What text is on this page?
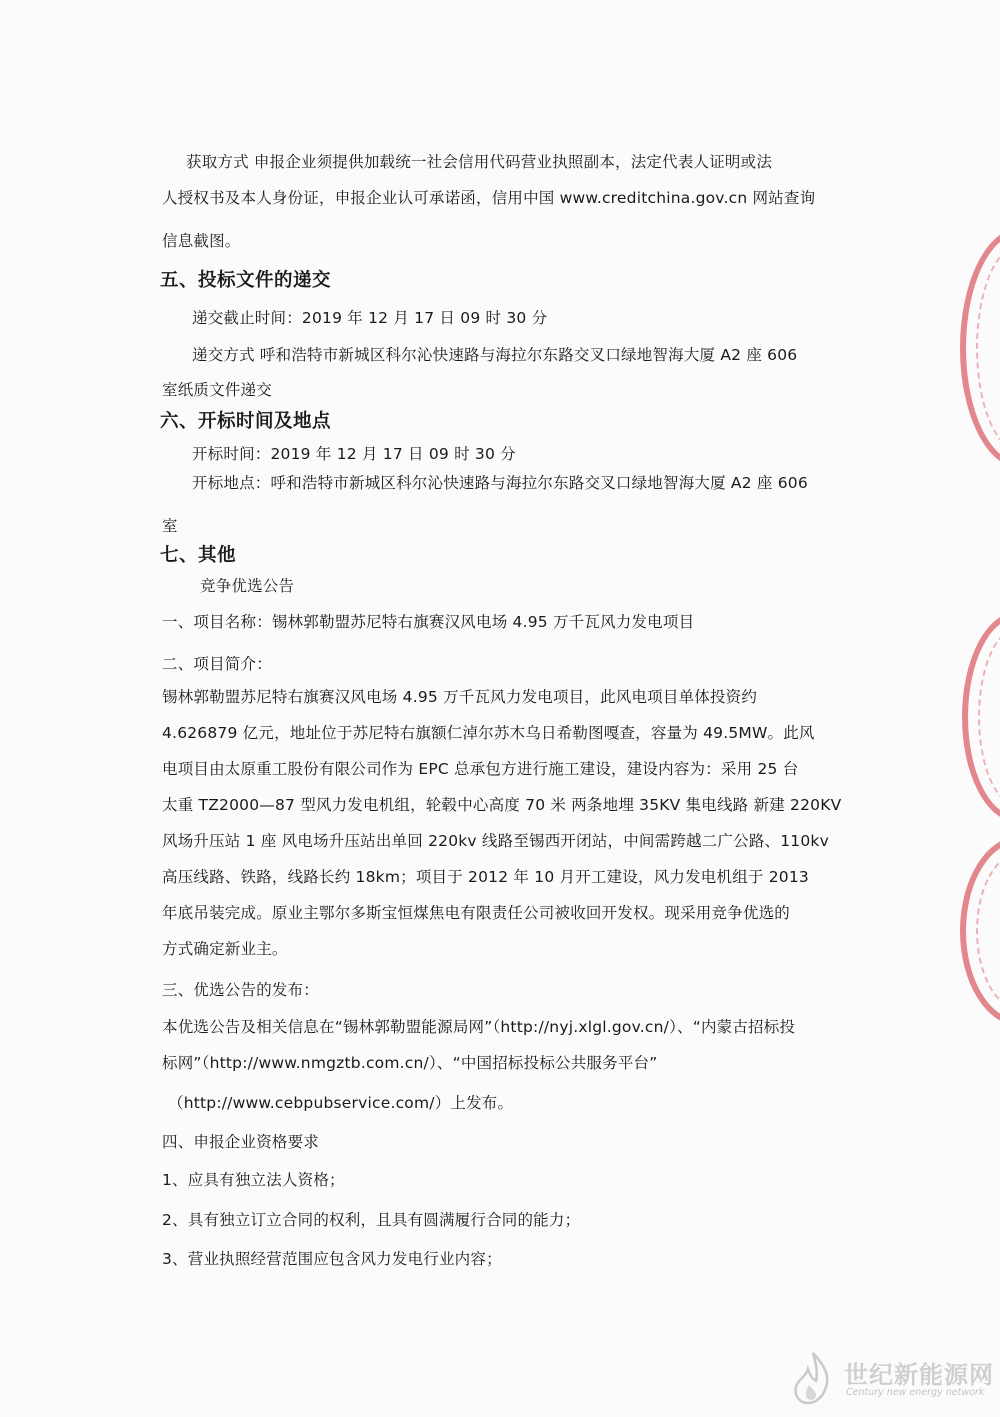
获取方式 申报企业须提供加载统一社会信用代码营业执照副本，法定代表人证明或法
人授权书及本人身份证，申报企业认可承诺函，信用中国 www.creditchina.gov.cn 网站查询
信息截图。
五、投标文件的递交
递交截止时间：2019 年 12 月 17 日 09 时 30 分
递交方式 呼和浩特市新城区科尔沁快速路与海拉尔东路交叉口绿地智海大厦 A2 座 606
室纸质文件递交
六、开标时间及地点
开标时间：2019 年 12 月 17 日 09 时 30 分
开标地点：呼和浩特市新城区科尔沁快速路与海拉尔东路交叉口绿地智海大厦 A2 座 606
室
七、其他
竞争优选公告
一、项目名称：锡林郭勒盟苏尼特右旗赛汉风电场 4.95 万千瓦风力发电项目
二、项目简介：
锡林郭勒盟苏尼特右旗赛汉风电场 4.95 万千瓦风力发电项目，此风电项目单体投资约
4.626879 亿元，地址位于苏尼特右旗额仁淖尔苏木乌日希勒图嘎查，容量为 49.5MW。此风
电项目由太原重工股份有限公司作为 EPC 总承包方进行施工建设，建设内容为：采用 25 台
太重 TZ2000—87 型风力发电机组，轮毂中心高度 70 米 两条地埋 35KV 集电线路 新建 220KV
风场升压站 1 座 风电场升压站出单回 220kv 线路至锡西开闭站，中间需跨越二广公路、110kv
高压线路、铁路，线路长约 18km；项目于 2012 年 10 月开工建设，风力发电机组于 2013
年底吊装完成。原业主鄂尔多斯宝恒煤焦电有限责任公司被收回开发权。现采用竞争优选的
方式确定新业主。
三、优选公告的发布：
本优选公告及相关信息在“锡林郭勒盟能源局网”（http://nyj.xlgl.gov.cn/）、“内蒙古招标投
标网”（http://www.nmgztb.com.cn/）、“中国招标投标公共服务平台”
（http://www.cebpubservice.com/）上发布。
四、申报企业资格要求
1、应具有独立法人资格；
2、具有独立订立合同的权利，且具有圆满履行合同的能力；
3、营业执照经营范围应包含风力发电行业内容；
世纪新能源网
Century new energy network
